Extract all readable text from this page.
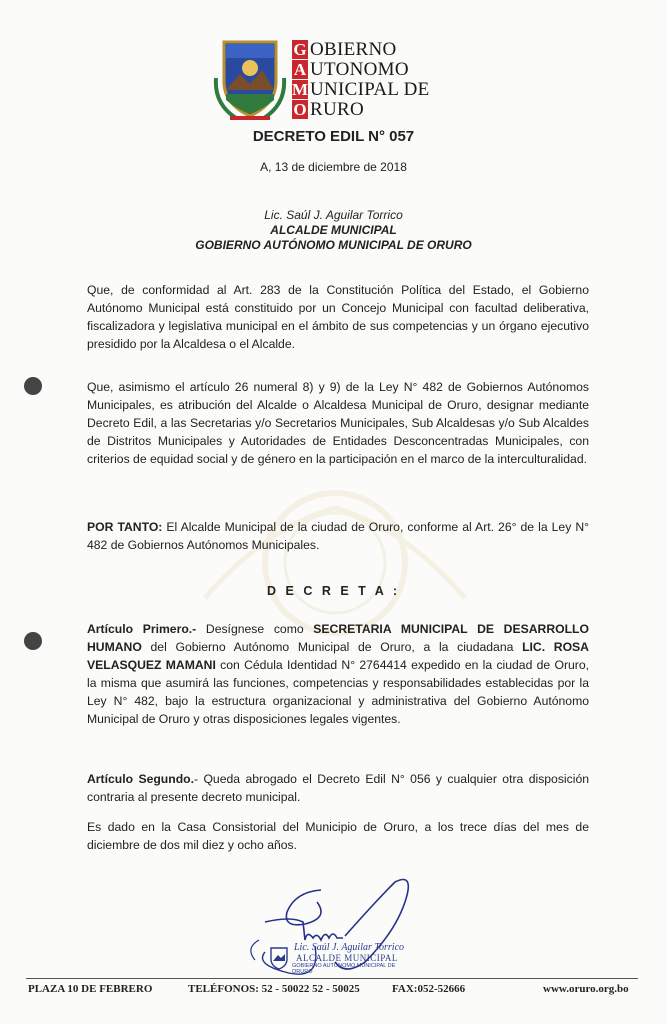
G
A
M
O
OBIERNO
UTONOMO
UNICIPAL DE
RURO
DECRETO EDIL N° 057
A, 13 de diciembre de 2018
Lic. Saúl J. Aguilar Torrico
ALCALDE MUNICIPAL
GOBIERNO AUTÓNOMO MUNICIPAL DE ORURO
Que, de conformidad al Art. 283 de la Constitución Política del Estado, el Gobierno Autónomo Municipal está constituido por un Concejo Municipal con facultad deliberativa, fiscalizadora y legislativa municipal en el ámbito de sus competencias y un órgano ejecutivo presidido por la Alcaldesa o el Alcalde.
Que, asimismo el artículo 26 numeral 8) y 9) de la Ley N° 482 de Gobiernos Autónomos Municipales, es atribución del Alcalde o Alcaldesa Municipal de Oruro, designar mediante Decreto Edil, a las Secretarias y/o Secretarios Municipales, Sub Alcaldesas y/o Sub Alcaldes de Distritos Municipales y Autoridades de Entidades Desconcentradas Municipales, con criterios de equidad social y de género en la participación en el marco de la interculturalidad.
POR TANTO: El Alcalde Municipal de la ciudad de Oruro, conforme al Art. 26° de la Ley N° 482 de Gobiernos Autónomos Municipales.
D E C R E T A :
Artículo Primero.- Desígnese como SECRETARIA MUNICIPAL DE DESARROLLO HUMANO del Gobierno Autónomo Municipal de Oruro, a la ciudadana LIC. ROSA VELASQUEZ MAMANI con Cédula Identidad N° 2764414 expedido en la ciudad de Oruro, la misma que asumirá las funciones, competencias y responsabilidades establecidas por la Ley N° 482, bajo la estructura organizacional y administrativa del Gobierno Autónomo Municipal de Oruro y otras disposiciones legales vigentes.
Artículo Segundo.- Queda abrogado el Decreto Edil N° 056 y cualquier otra disposición contraria al presente decreto municipal.
Es dado en la Casa Consistorial del Municipio de Oruro, a los trece días del mes de diciembre de dos mil diez y ocho años.
Lic. Saúl J. Aguilar Torrico
ALCALDE MUNICIPAL
GOBIERNO AUTÓNOMO MUNICIPAL DE ORURO
PLAZA 10 DE FEBRERO	TELÉFONOS: 52 - 50022 52 - 50025	FAX:052-52666	www.oruro.org.bo
